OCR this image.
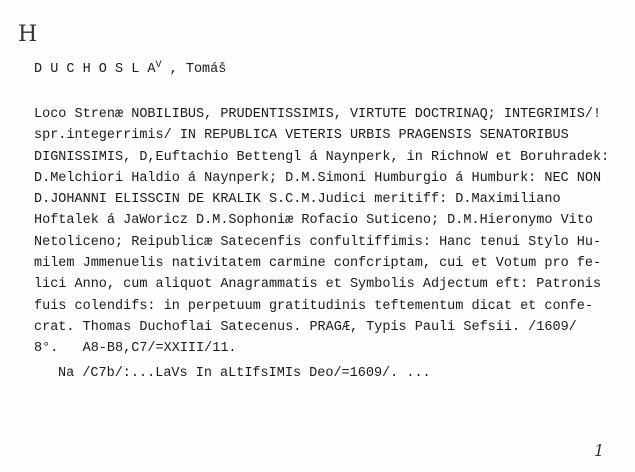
H
D U C H O S L $A^V$ , Tomáš
Loco Strenæ NOBILIBUS, PRUDENTISSIMIS, VIRTUTE DOCTRINAQ; INTEGRIMIS/!
spr.integerrimis/ IN REPUBLICA VETERIS URBIS PRAGENSIS SENATORIBUS
DIGNISSIMIS, D,Euftachio Bettengl á Naynperk, in RichnoW et Boruhradek:
D.Melchiori Haldio á Naynperk; D.M.Simoni Humburgio á Humburk: NEC NON
D.JOHANNI ELISSCIN DE KRALIK S.C.M.Judici meritiff: D.Maximiliano
Hoftalek á JaWoricz D.M.Sophoniæ Rofacio Suticeno; D.M.Hieronymo Vito
Netoliceno; Reipublicæ Satecenfis confultiffimis: Hanc tenui Stylo Hu-
milem Jmmenuelis nativitatem carmine confcriptam, cui et Votum pro fe-
lici Anno, cum aliquot Anagrammatis et Symbolis Adjectum eft: Patronis
fuis colendifs: in perpetuum gratitudinis teftementum dicat et confe-
crat. Thomas Duchoflai Satecenus. PRAGÆ, Typis Pauli Sefsii. /1609/
8°.   A8-B8,C7/=XXIII/11.
Na /C7b/:...LaVs In aLtIfsIMIs Deo/=1609/. ...
1
